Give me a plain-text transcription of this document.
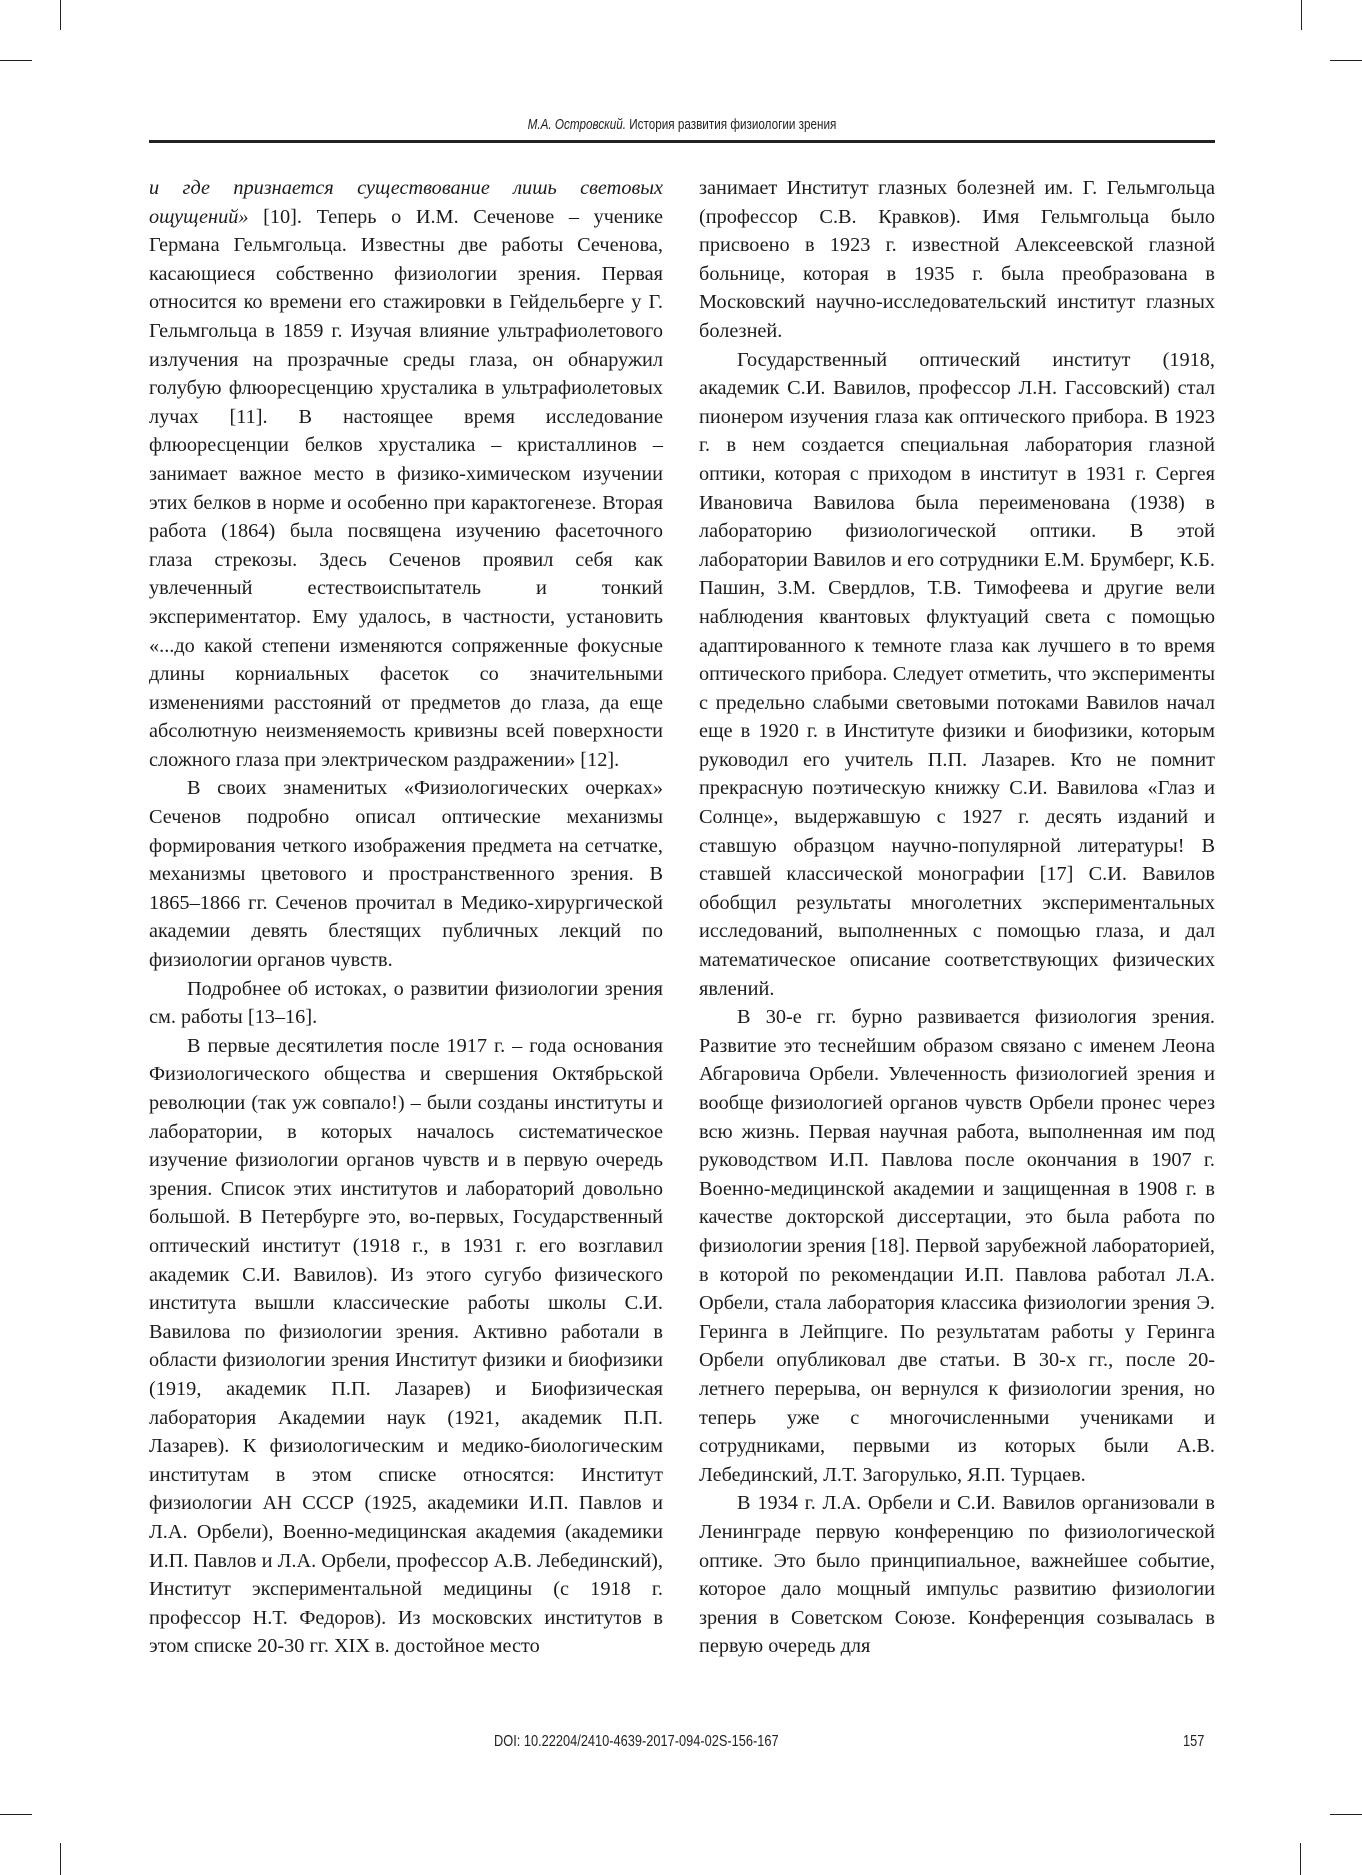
М.А. Островский. История развития физиологии зрения

и где признается существование лишь световых ощущений» [10]. Теперь о И.М. Сеченове – ученике Германа Гельмгольца. Известны две работы Сеченова, касающиеся собственно физиологии зрения. Первая относится ко времени его стажировки в Гейдельберге у Г. Гельмгольца в 1859 г. Изучая влияние ультрафиолетового излучения на прозрачные среды глаза, он обнаружил голубую флюоресценцию хрусталика в ультрафиолетовых лучах [11]. В настоящее время исследование флюоресценции белков хрусталика – кристаллинов – занимает важное место в физико-химическом изучении этих белков в норме и особенно при карактогенезе. Вторая работа (1864) была посвящена изучению фасеточного глаза стрекозы. Здесь Сеченов проявил себя как увлеченный естествоиспытатель и тонкий экспериментатор. Ему удалось, в частности, установить «...до какой степени изменяются сопряженные фокусные длины корниальных фасеток со значительными изменениями расстояний от предметов до глаза, да еще абсолютную неизменяемость кривизны всей поверхности сложного глаза при электрическом раздражении» [12].

В своих знаменитых «Физиологических очерках» Сеченов подробно описал оптические механизмы формирования четкого изображения предмета на сетчатке, механизмы цветового и пространственного зрения. В 1865–1866 гг. Сеченов прочитал в Медико-хирургической академии девять блестящих публичных лекций по физиологии органов чувств.

Подробнее об истоках, о развитии физиологии зрения см. работы [13–16].

В первые десятилетия после 1917 г. – года основания Физиологического общества и свершения Октябрьской революции (так уж совпало!) – были созданы институты и лаборатории, в которых началось систематическое изучение физиологии органов чувств и в первую очередь зрения. Список этих институтов и лабораторий довольно большой. В Петербурге это, во-первых, Государственный оптический институт (1918 г., в 1931 г. его возглавил академик С.И. Вавилов). Из этого сугубо физического института вышли классические работы школы С.И. Вавилова по физиологии зрения. Активно работали в области физиологии зрения Институт физики и биофизики (1919, академик П.П. Лазарев) и Биофизическая лаборатория Академии наук (1921, академик П.П. Лазарев). К физиологическим и медико-биологическим институтам в этом списке относятся: Институт физиологии АН СССР (1925, академики И.П. Павлов и Л.А. Орбели), Военно-медицинская академия (академики И.П. Павлов и Л.А. Орбели, профессор А.В. Лебединский), Институт экспериментальной медицины (с 1918 г. профессор Н.Т. Федоров). Из московских институтов в этом списке 20-30 гг. XIX в. достойное место

занимает Институт глазных болезней им. Г. Гельмгольца (профессор С.В. Кравков). Имя Гельмгольца было присвоено в 1923 г. известной Алексеевской глазной больнице, которая в 1935 г. была преобразована в Московский научно-исследовательский институт глазных болезней.

Государственный оптический институт (1918, академик С.И. Вавилов, профессор Л.Н. Гассовский) стал пионером изучения глаза как оптического прибора. В 1923 г. в нем создается специальная лаборатория глазной оптики, которая с приходом в институт в 1931 г. Сергея Ивановича Вавилова была переименована (1938) в лабораторию физиологической оптики. В этой лаборатории Вавилов и его сотрудники Е.М. Брумберг, К.Б. Пашин, З.М. Свердлов, Т.В. Тимофеева и другие вели наблюдения квантовых флуктуаций света с помощью адаптированного к темноте глаза как лучшего в то время оптического прибора. Следует отметить, что эксперименты с предельно слабыми световыми потоками Вавилов начал еще в 1920 г. в Институте физики и биофизики, которым руководил его учитель П.П. Лазарев. Кто не помнит прекрасную поэтическую книжку С.И. Вавилова «Глаз и Солнце», выдержавшую с 1927 г. десять изданий и ставшую образцом научно-популярной литературы! В ставшей классической монографии [17] С.И. Вавилов обобщил результаты многолетних экспериментальных исследований, выполненных с помощью глаза, и дал математическое описание соответствующих физических явлений.

В 30-е гг. бурно развивается физиология зрения. Развитие это теснейшим образом связано с именем Леона Абгаровича Орбели. Увлеченность физиологией зрения и вообще физиологией органов чувств Орбели пронес через всю жизнь. Первая научная работа, выполненная им под руководством И.П. Павлова после окончания в 1907 г. Военно-медицинской академии и защищенная в 1908 г. в качестве докторской диссертации, это была работа по физиологии зрения [18]. Первой зарубежной лабораторией, в которой по рекомендации И.П. Павлова работал Л.А. Орбели, стала лаборатория классика физиологии зрения Э. Геринга в Лейпциге. По результатам работы у Геринга Орбели опубликовал две статьи. В 30-х гг., после 20-летнего перерыва, он вернулся к физиологии зрения, но теперь уже с многочисленными учениками и сотрудниками, первыми из которых были А.В. Лебединский, Л.Т. Загорулько, Я.П. Турцаев.

В 1934 г. Л.А. Орбели и С.И. Вавилов организовали в Ленинграде первую конференцию по физиологической оптике. Это было принципиальное, важнейшее событие, которое дало мощный импульс развитию физиологии зрения в Советском Союзе. Конференция созывалась в первую очередь для

DOI: 10.22204/2410-4639-2017-094-02S-156-167	157
